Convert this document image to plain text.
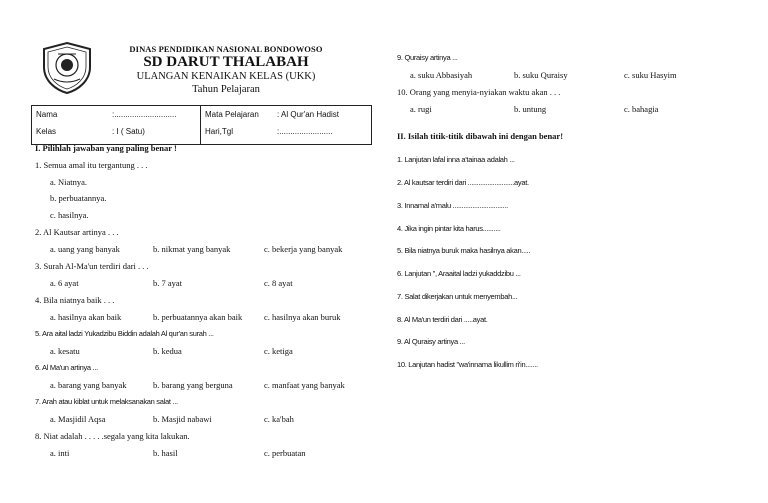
DINAS PENDIDIKAN NASIONAL BONDOWOSO
SD DARUT THALABAH
ULANGAN KENAIKAN KELAS (UKK)
Tahun Pelajaran
Nama	:............................
Kelas	: I ( Satu)
Mata Pelajaran : Al Qur'an Hadist
Hari,Tgl	:........................
I. Pilihlah jawaban yang paling benar !
1. Semua amal itu tergantung . . .
a. Niatnya.
b. perbuatannya.
c. hasilnya.
2. Al Kautsar artinya . . .
a. uang yang banyak	b. nikmat yang banyak	c. bekerja yang banyak
3. Surah Al-Ma'un terdiri dari . . .
a. 6 ayat	b. 7 ayat	c. 8 ayat
4. Bila niatnya baik . . .
a. hasilnya akan baik	b. perbuatannya akan baik	c. hasilnya akan buruk
5. Ara aital ladzi Yukadzibu Biddin adalah Al qur'an surah ...
a. kesatu	b. kedua	c. ketiga
6. Al Ma'un artinya ...
a. barang yang banyak	b. barang yang berguna	c. manfaat yang banyak
7. Arah atau kiblat untuk melaksanakan salat ...
a. Masjidil Aqsa	b. Masjid nabawi	c. ka'bah
8. Niat adalah . . . . .segala yang kita lakukan.
a. inti	b. hasil	c. perbuatan
9. Quraisy artinya ...
a. suku Abbasiyah	b. suku Quraisy	c. suku Hasyim
10. Orang yang menyia-nyiakan waktu akan . . .
a. rugi	b. untung	c. bahagia
II. Isilah titik-titik dibawah ini dengan benar!
1. Lanjutan lafal inna a'tainaa adalah ...
2. Al kautsar terdiri dari ..........................ayat.
3. Innamal a'malu ...............................
4. Jika ingin pintar kita harus..........
5. Bila niatnya buruk maka hasilnya akan.....
6. Lanjutan ", Araaital ladzi yukaddzibu ...
7. Salat dikerjakan untuk menyembah...
8. Al Ma'un terdiri dari .....ayat.
9. Al Quraisy artinya ...
10. Lanjutan hadist "wa'innama likullim ri'in.......
